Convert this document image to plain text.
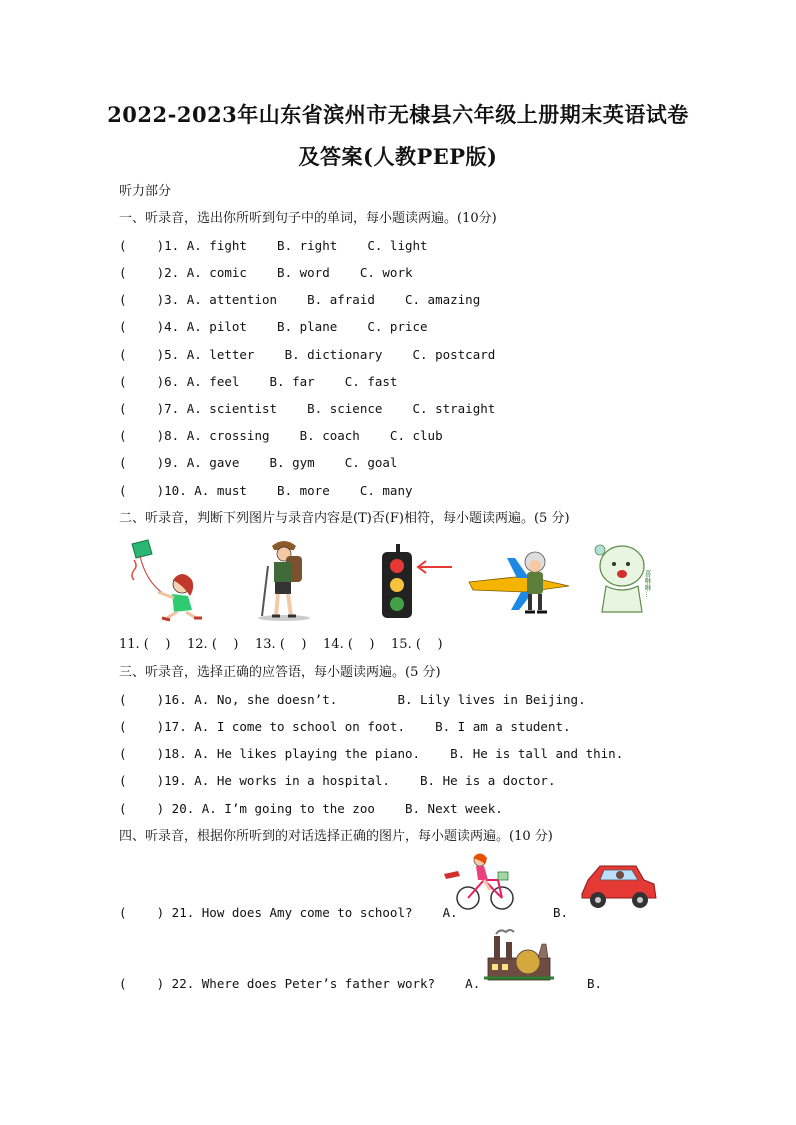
2022-2023年山东省滨州市无棣县六年级上册期末英语试卷
及答案(人教PEP版)
听力部分
一、听录音，选出你所听到句子中的单词，每小题读两遍。(10分)
(    )1. A. fight    B. right    C. light
(    )2. A. comic    B. word    C. work
(    )3. A. attention    B. afraid    C. amazing
(    )4. A. pilot    B. plane    C. price
(    )5. A. letter    B. dictionary    C. postcard
(    )6. A. feel    B. far    C. fast
(    )7. A. scientist    B. science    C. straight
(    )8. A. crossing    B. coach    C. club
(    )9. A. gave    B. gym    C. goal
(    )10. A. must    B. more    C. many
二、听录音，判断下列图片与录音内容是(T)否(F)相符，每小题读两遍。(5 分)
喜咻咻...
11. (    )    12. (    )    13. (    )    14. (    )    15. (    )
三、听录音，选择正确的应答语，每小题读两遍。(5 分)
(    )16. A. No, she doesn’t.        B. Lily lives in Beijing.
(    )17. A. I come to school on foot.    B. I am a student.
(    )18. A. He likes playing the piano.    B. He is tall and thin.
(    )19. A. He works in a hospital.    B. He is a doctor.
(    ) 20. A. I’m going to the zoo    B. Next week.
四、听录音，根据你所听到的对话选择正确的图片，每小题读两遍。(10 分)
(    ) 21. How does Amy come to school?    A.	B.
(    ) 22. Where does Peter’s father work?    A.	B.
